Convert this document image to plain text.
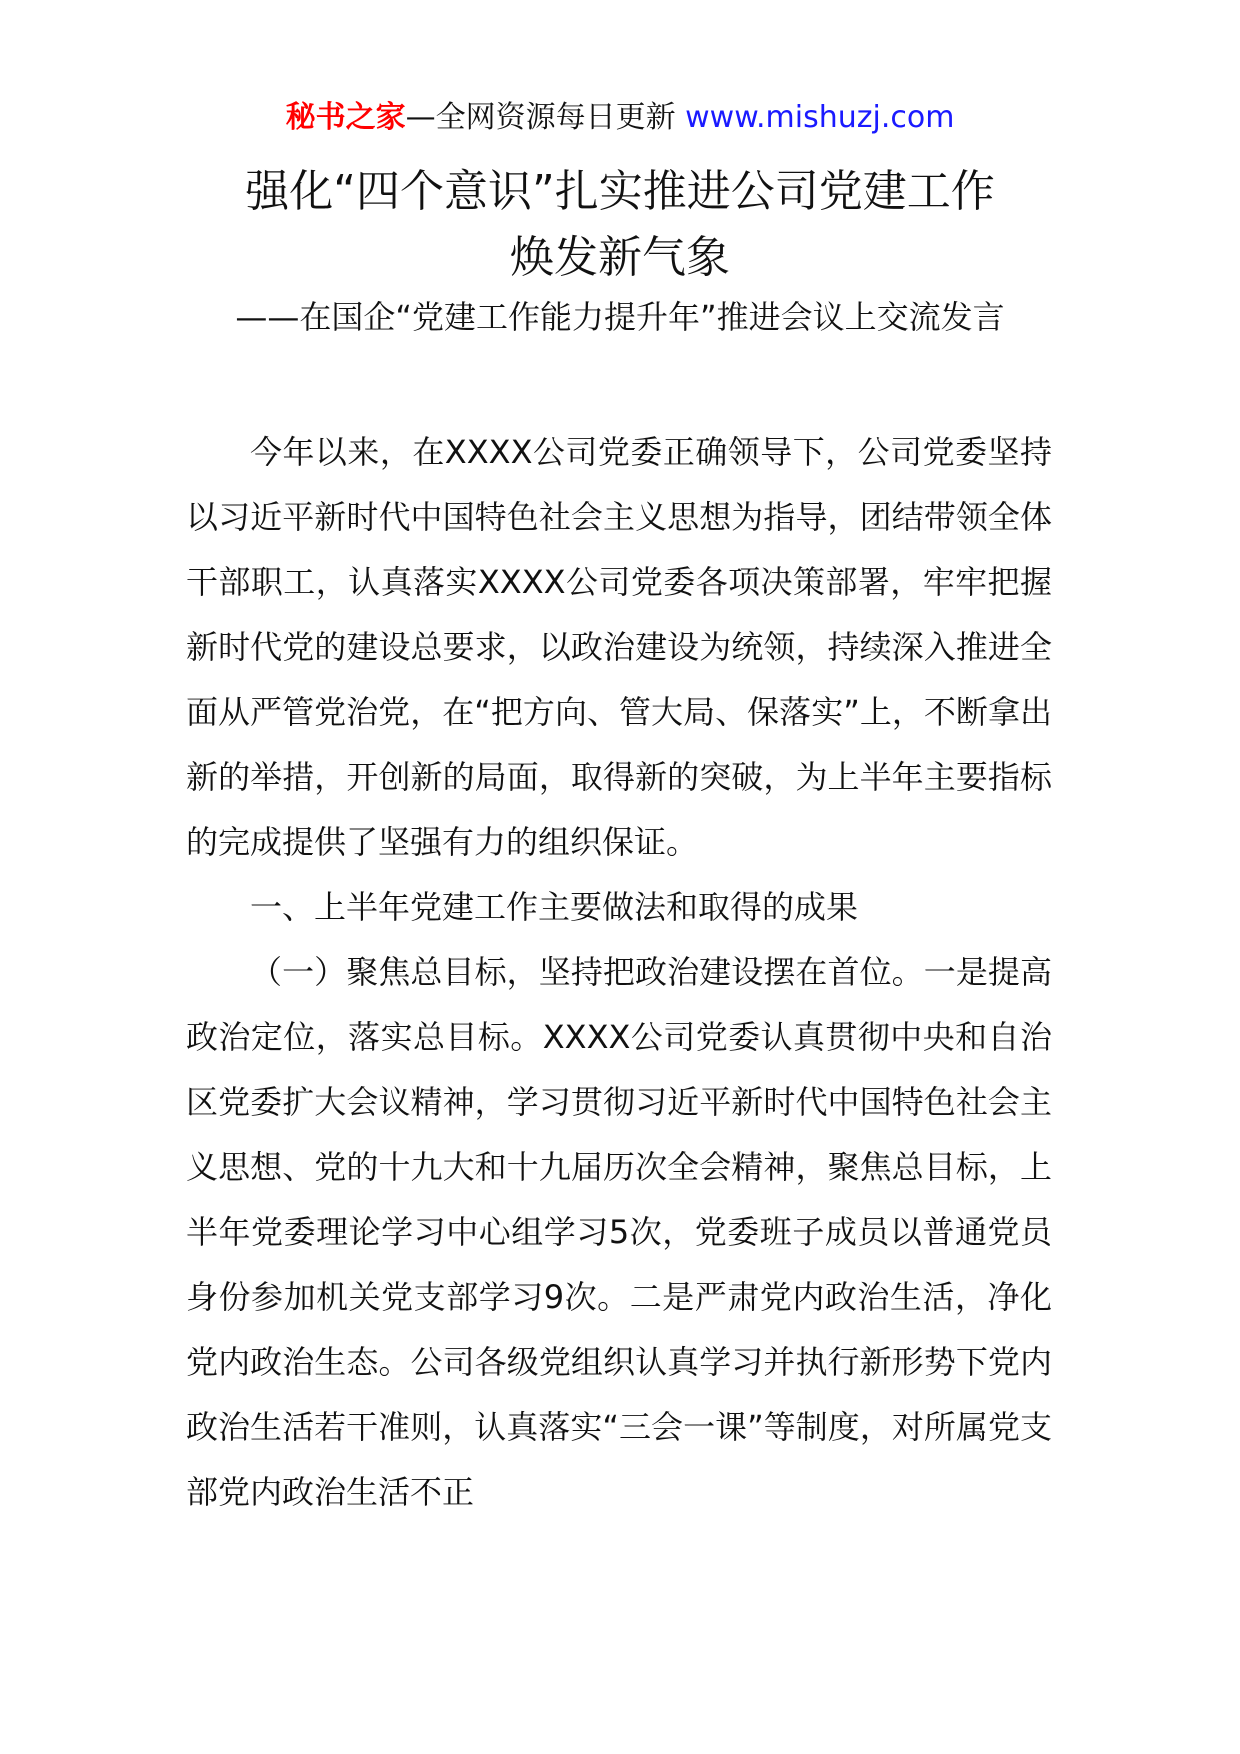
秘书之家—全网资源每日更新 www.mishuzj.com
强化“四个意识”扎实推进公司党建工作
焕发新气象
——在国企“党建工作能力提升年”推进会议上交流发言

今年以来，在XXXX公司党委正确领导下，公司党委坚持以习近平新时代中国特色社会主义思想为指导，团结带领全体干部职工，认真落实XXXX公司党委各项决策部署，牢牢把握新时代党的建设总要求，以政治建设为统领，持续深入推进全面从严管党治党，在“把方向、管大局、保落实”上，不断拿出新的举措，开创新的局面，取得新的突破，为上半年主要指标的完成提供了坚强有力的组织保证。

一、上半年党建工作主要做法和取得的成果

（一）聚焦总目标，坚持把政治建设摆在首位。一是提高政治定位，落实总目标。XXXX公司党委认真贯彻中央和自治区党委扩大会议精神，学习贯彻习近平新时代中国特色社会主义思想、党的十九大和十九届历次全会精神，聚焦总目标，上半年党委理论学习中心组学习5次，党委班子成员以普通党员身份参加机关党支部学习9次。二是严肃党内政治生活，净化党内政治生态。公司各级党组织认真学习并执行新形势下党内政治生活若干准则，认真落实“三会一课”等制度，对所属党支部党内政治生活不正
